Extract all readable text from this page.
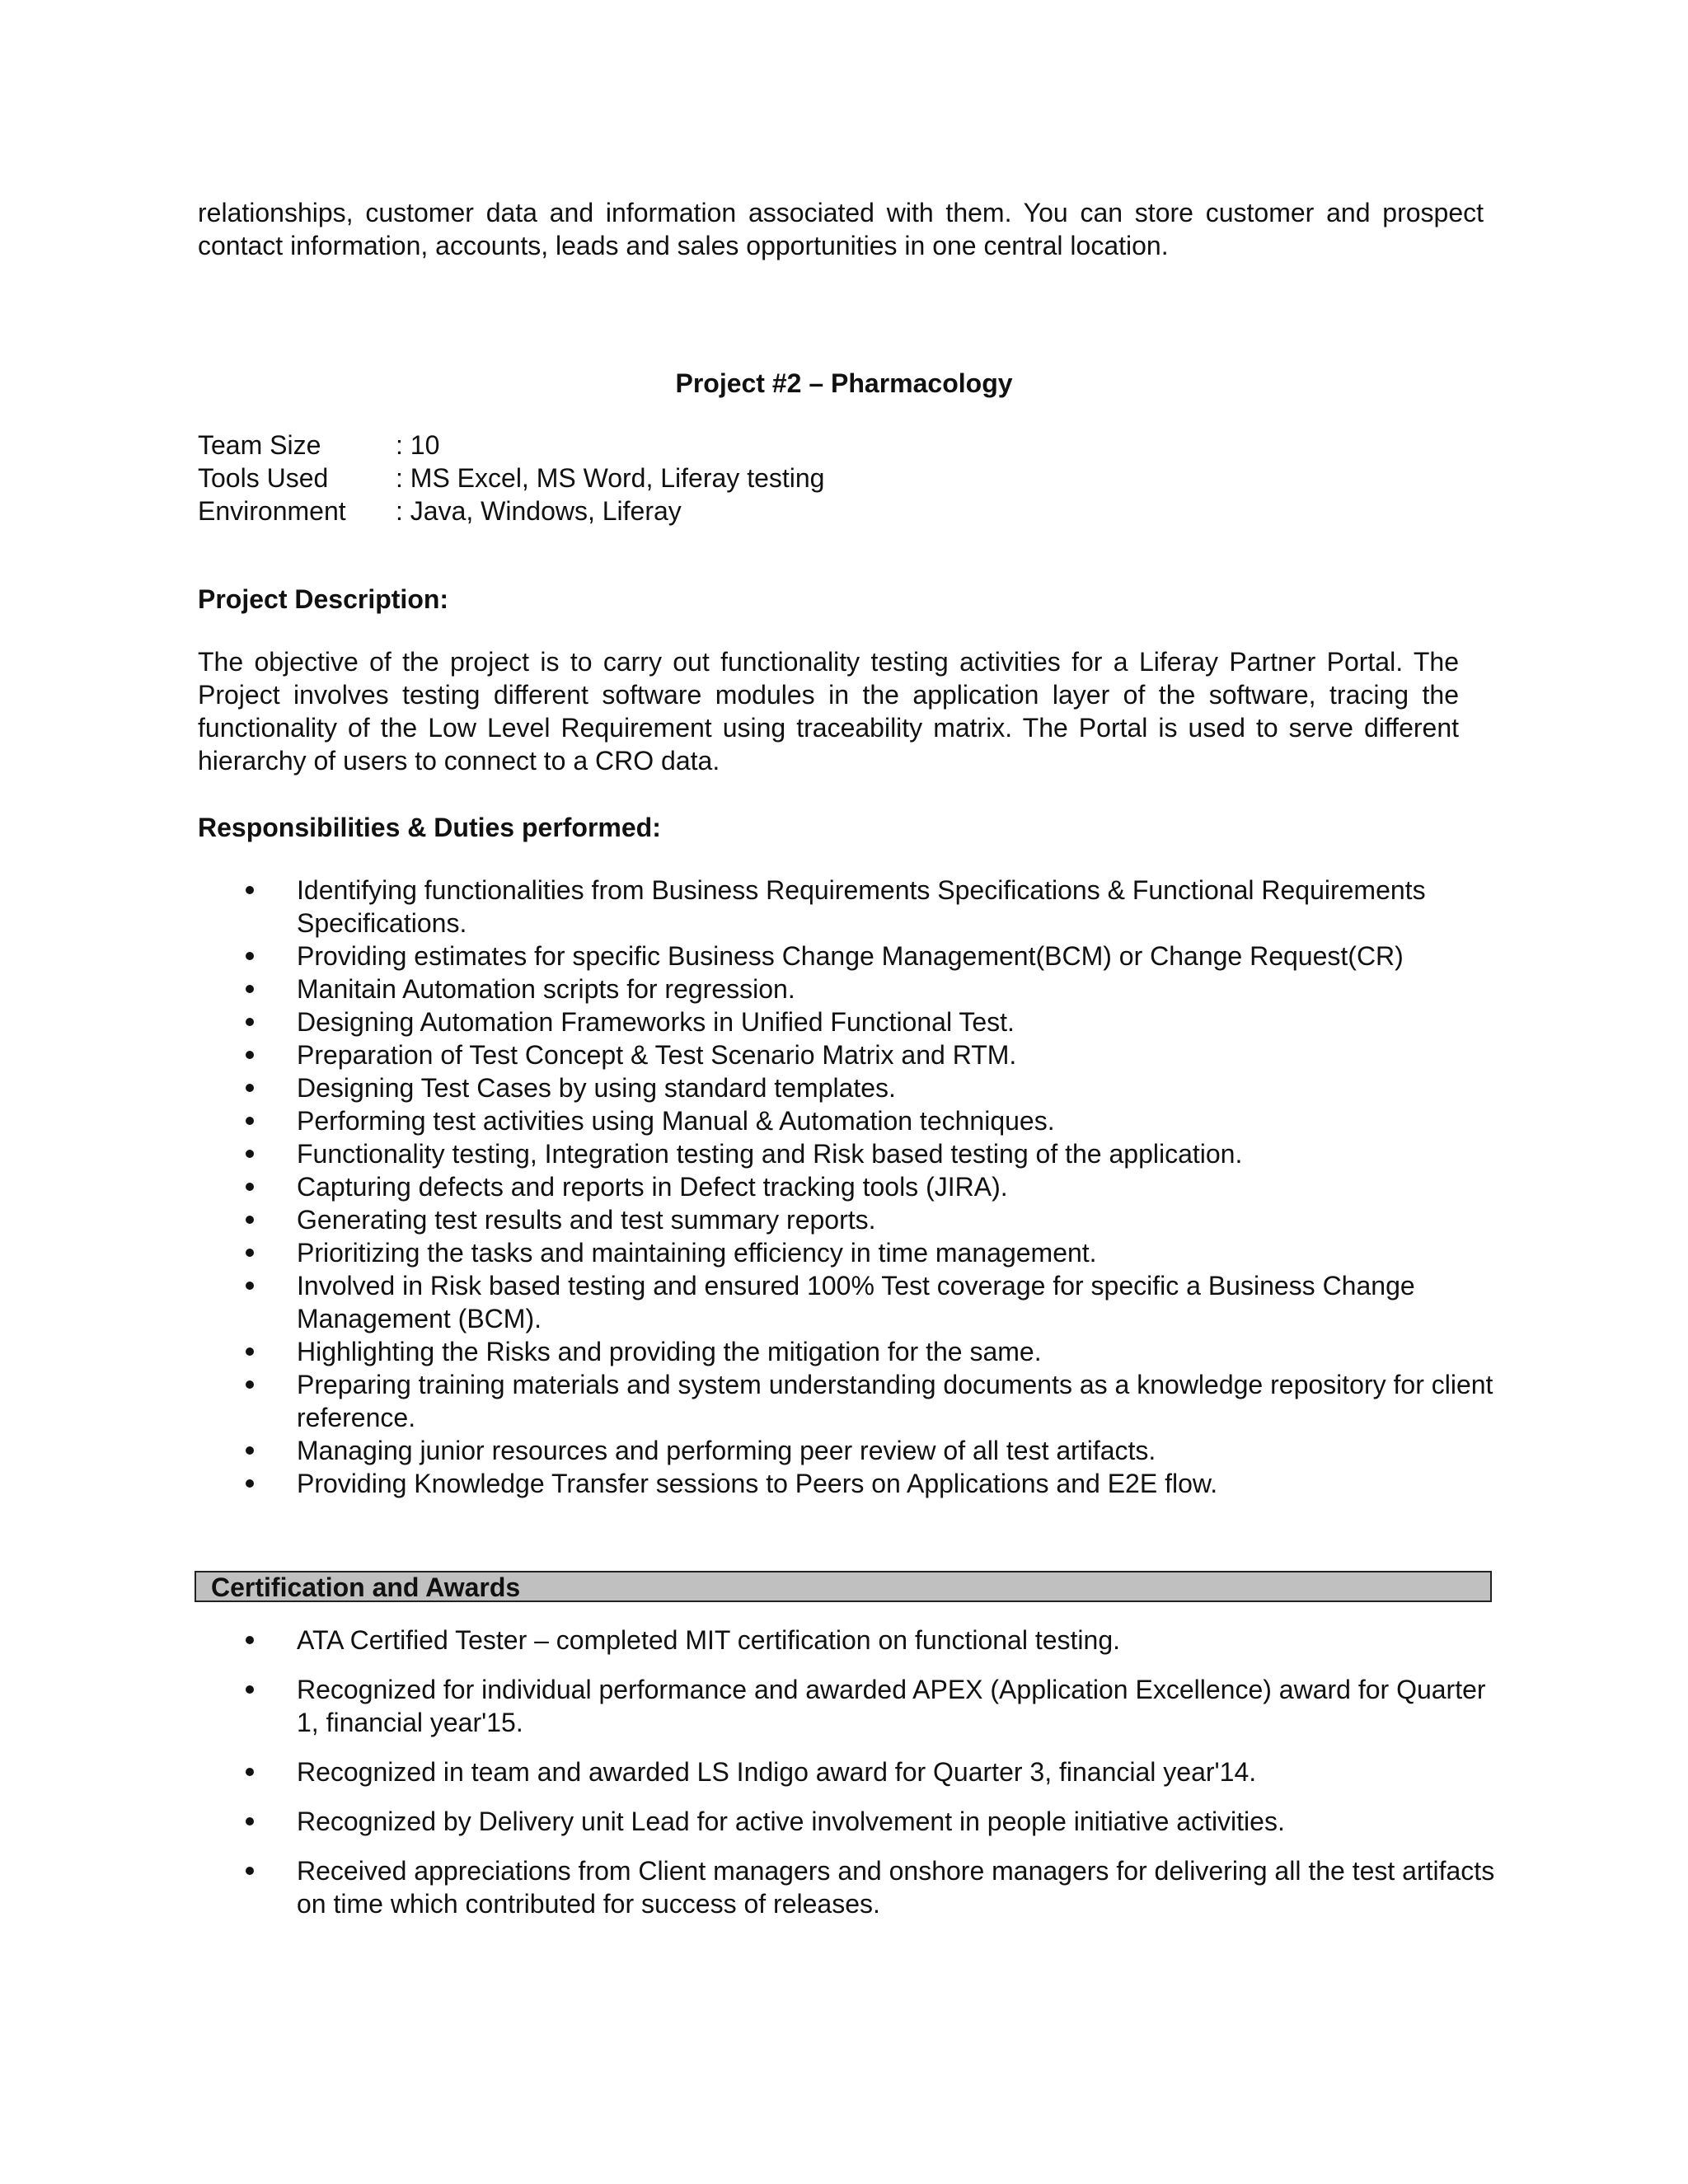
relationships, customer data and information associated with them. You can store customer and prospect contact information, accounts, leads and sales opportunities in one central location.

Project #2 – Pharmacology
Team Size	: 10
Tools Used	: MS Excel, MS Word, Liferay testing
Environment	: Java, Windows, Liferay
Project Description:

The objective of the project is to carry out functionality testing activities for a Liferay Partner Portal. The Project involves testing different software modules in the application layer of the software, tracing the functionality of the Low Level Requirement using traceability matrix. The Portal is used to serve different hierarchy of users to connect to a CRO data.

Responsibilities & Duties performed:
Identifying functionalities from Business Requirements Specifications & Functional Requirements Specifications.
Providing estimates for specific Business Change Management(BCM) or Change Request(CR)
Manitain Automation scripts for regression.
Designing Automation Frameworks in Unified Functional Test.
Preparation of Test Concept & Test Scenario Matrix and RTM.
Designing Test Cases by using standard templates.
Performing test activities using Manual & Automation techniques.
Functionality testing, Integration testing and Risk based testing of the application.
Capturing defects and reports in Defect tracking tools (JIRA).
Generating test results and test summary reports.
Prioritizing the tasks and maintaining efficiency in time management.
Involved in Risk based testing and ensured 100% Test coverage for specific a Business Change Management (BCM).
Highlighting the Risks and providing the mitigation for the same.
Preparing training materials and system understanding documents as a knowledge repository for client reference.
Managing junior resources and performing peer review of all test artifacts.
Providing Knowledge Transfer sessions to Peers on Applications and E2E flow.
Certification and Awards
ATA Certified Tester – completed MIT certification on functional testing.
Recognized for individual performance and awarded APEX (Application Excellence) award for Quarter 1, financial year'15.
Recognized in team and awarded LS Indigo award for Quarter 3, financial year'14.
Recognized by Delivery unit Lead for active involvement in people initiative activities.
Received appreciations from Client managers and onshore managers for delivering all the test artifacts on time which contributed for success of releases.
